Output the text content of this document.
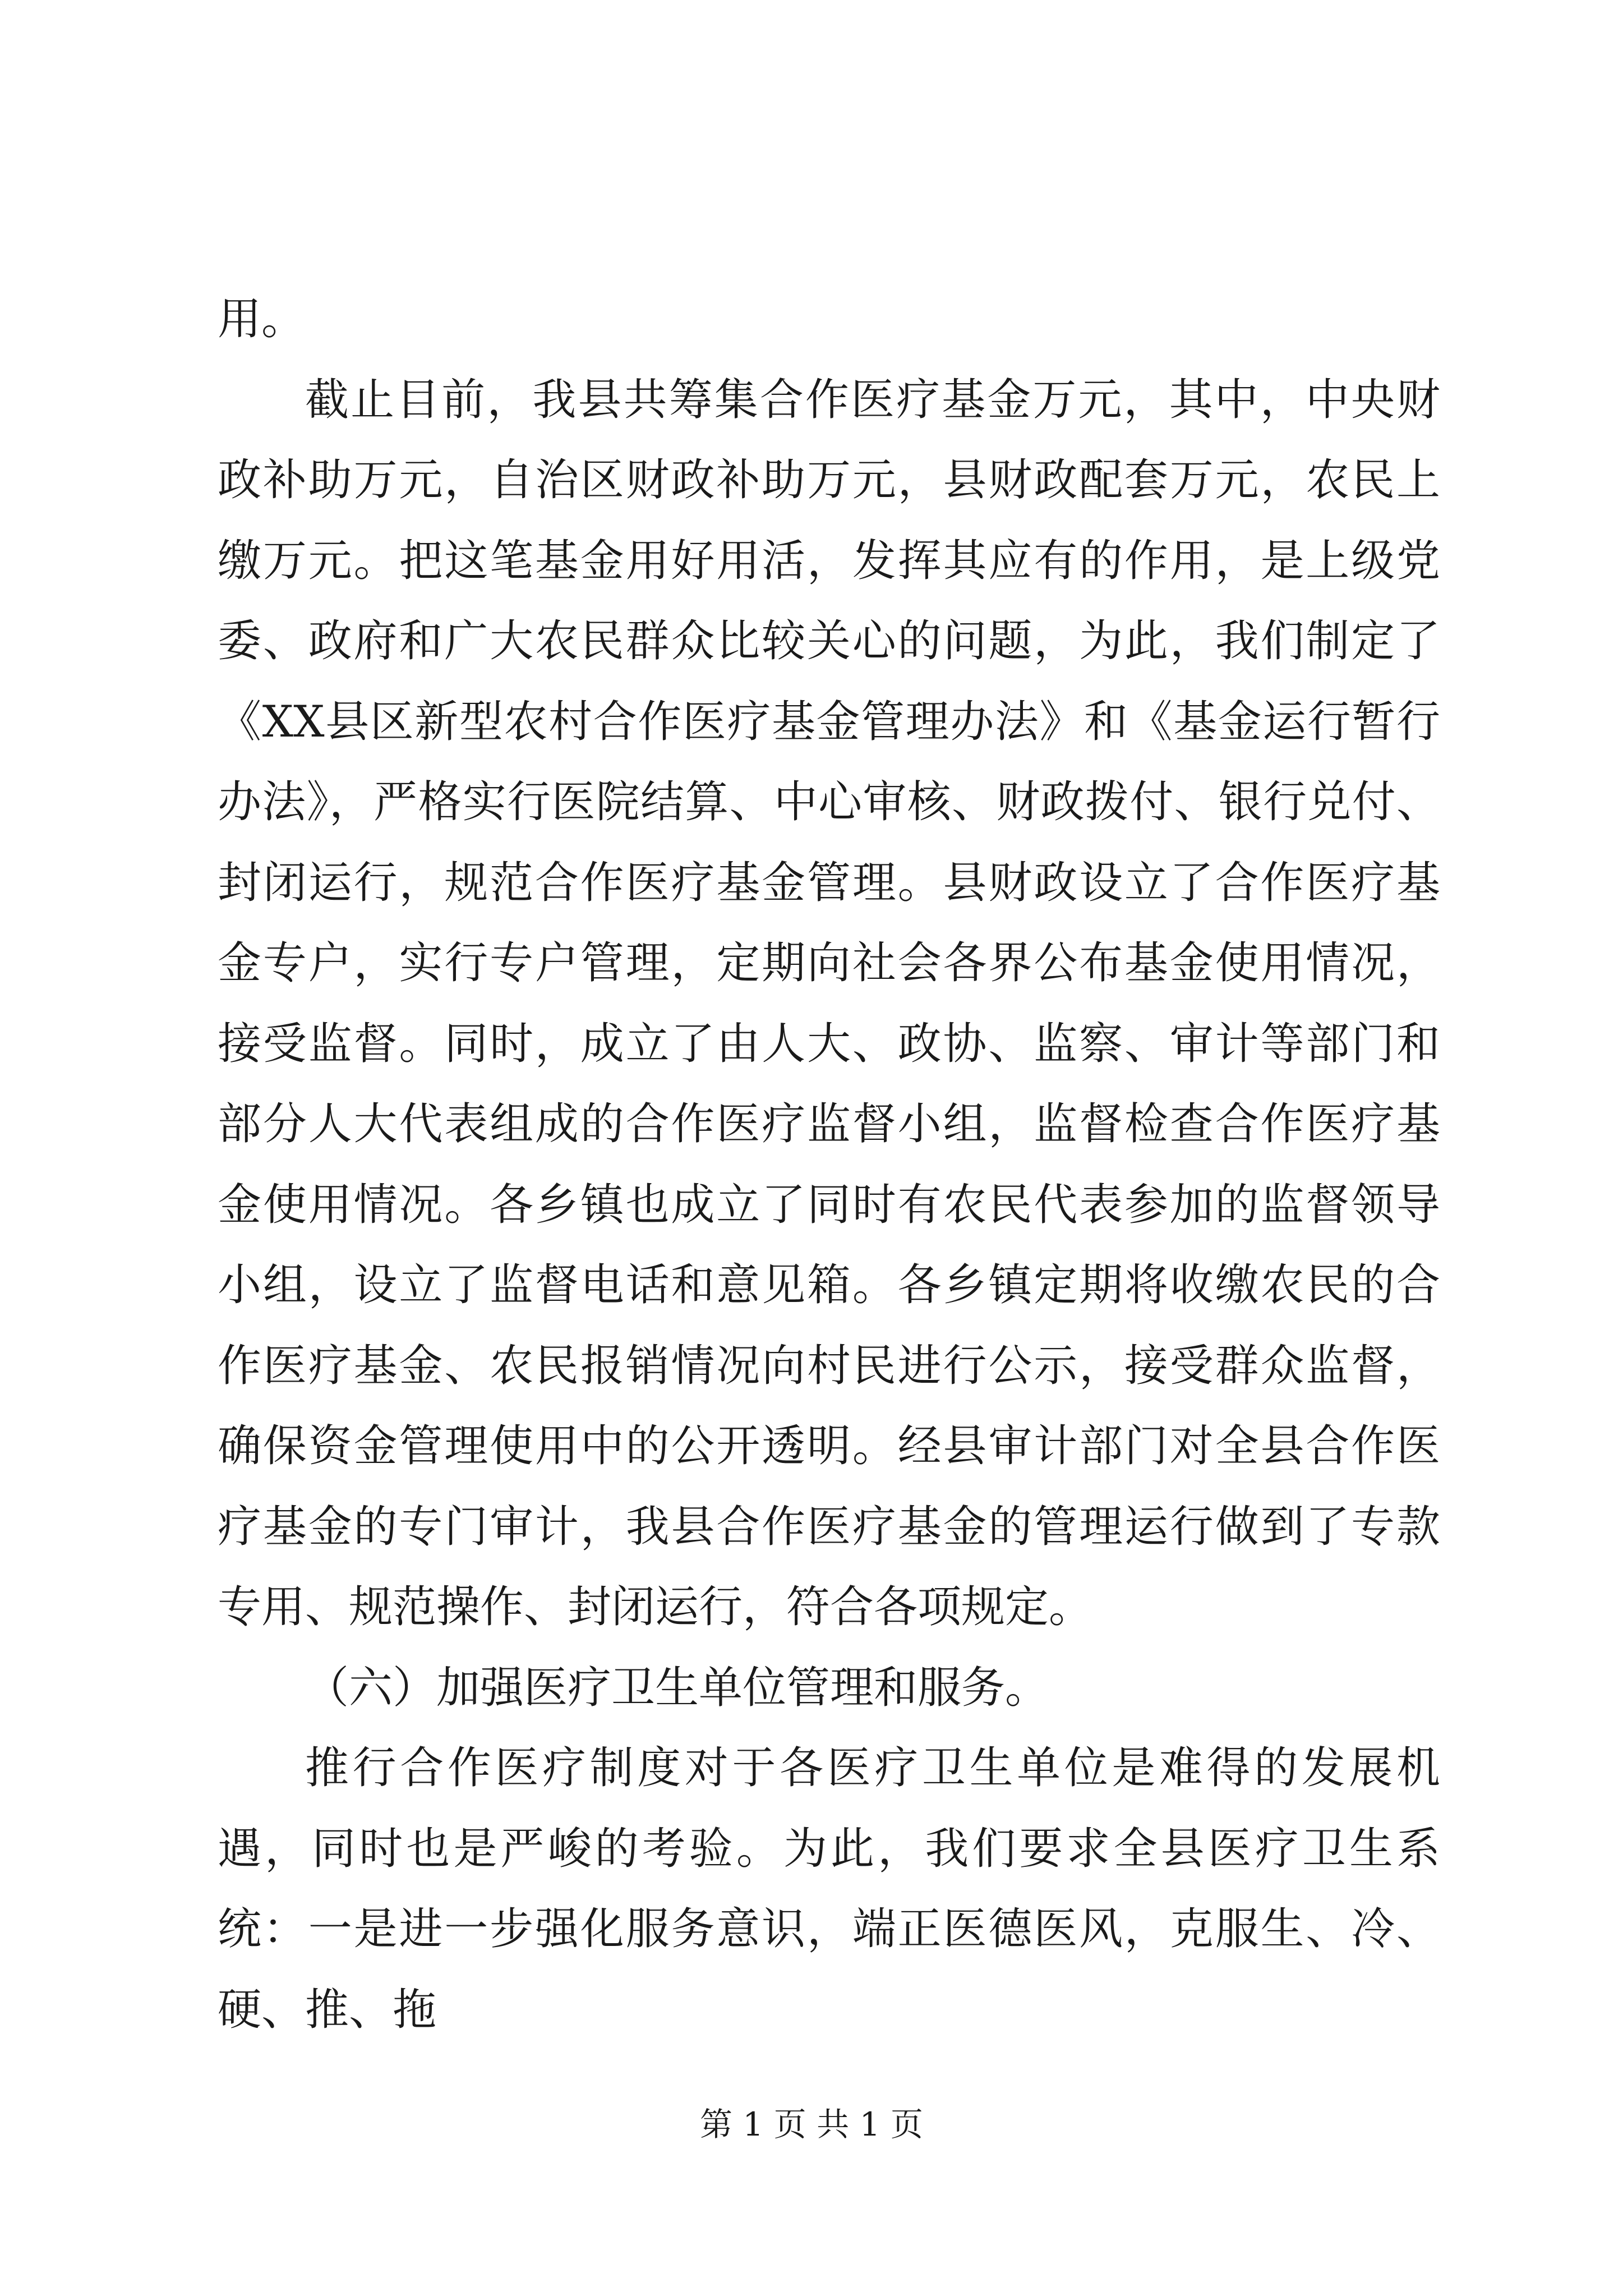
用。

截止目前，我县共筹集合作医疗基金万元，其中，中央财政补助万元，自治区财政补助万元，县财政配套万元，农民上缴万元。把这笔基金用好用活，发挥其应有的作用，是上级党委、政府和广大农民群众比较关心的问题，为此，我们制定了《XX县区新型农村合作医疗基金管理办法》和《基金运行暂行办法》，严格实行医院结算、中心审核、财政拨付、银行兑付、封闭运行，规范合作医疗基金管理。县财政设立了合作医疗基金专户，实行专户管理，定期向社会各界公布基金使用情况，接受监督。同时，成立了由人大、政协、监察、审计等部门和部分人大代表组成的合作医疗监督小组，监督检查合作医疗基金使用情况。各乡镇也成立了同时有农民代表参加的监督领导小组，设立了监督电话和意见箱。各乡镇定期将收缴农民的合作医疗基金、农民报销情况向村民进行公示，接受群众监督，确保资金管理使用中的公开透明。经县审计部门对全县合作医疗基金的专门审计，我县合作医疗基金的管理运行做到了专款专用、规范操作、封闭运行，符合各项规定。

（六）加强医疗卫生单位管理和服务。

推行合作医疗制度对于各医疗卫生单位是难得的发展机遇，同时也是严峻的考验。为此，我们要求全县医疗卫生系统：一是进一步强化服务意识，端正医德医风，克服生、冷、硬、推、拖

第 1 页 共 1 页
